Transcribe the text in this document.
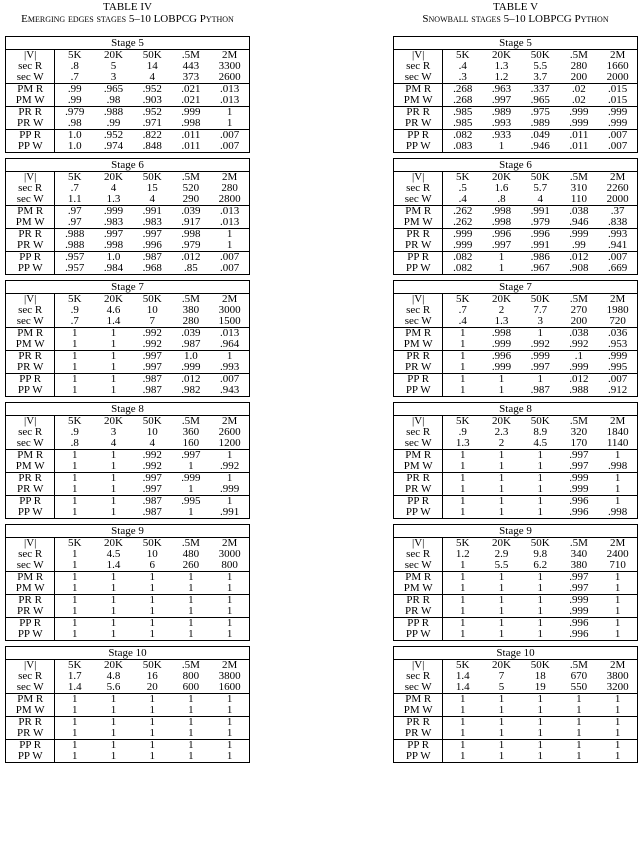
TABLE IV
Emerging edges stages 5–10 LOBPCG Python
Stage 5
|V|	5K	20K	50K	.5M	2M
sec R	.8	5	14	443	3300
sec W	.7	3	4	373	2600
PM R	.99	.965	.952	.021	.013
PM W	.99	.98	.903	.021	.013
PR R	.979	.988	.952	.999	1
PR W	.98	.99	.971	.998	1
PP R	1.0	.952	.822	.011	.007
PP W	1.0	.974	.848	.011	.007
Stage 6
|V|	5K	20K	50K	.5M	2M
sec R	.7	4	15	520	280
sec W	1.1	1.3	4	290	2800
PM R	.97	.999	.991	.039	.013
PM W	.97	.983	.983	.917	.013
PR R	.988	.997	.997	.998	1
PR W	.988	.998	.996	.979	1
PP R	.957	1.0	.987	.012	.007
PP W	.957	.984	.968	.85	.007
Stage 7
|V|	5K	20K	50K	.5M	2M
sec R	.9	4.6	10	380	3000
sec W	.7	1.4	7	280	1500
PM R	1	1	.992	.039	.013
PM W	1	1	.992	.987	.964
PR R	1	1	.997	1.0	1
PR W	1	1	.997	.999	.993
PP R	1	1	.987	.012	.007
PP W	1	1	.987	.982	.943
Stage 8
|V|	5K	20K	50K	.5M	2M
sec R	.9	3	10	360	2600
sec W	.8	4	4	160	1200
PM R	1	1	.992	.997	1
PM W	1	1	.992	1	.992
PR R	1	1	.997	.999	1
PR W	1	1	.997	1	.999
PP R	1	1	.987	.995	1
PP W	1	1	.987	1	.991
Stage 9
|V|	5K	20K	50K	.5M	2M
sec R	1	4.5	10	480	3000
sec W	1	1.4	6	260	800
PM R	1	1	1	1	1
PM W	1	1	1	1	1
PR R	1	1	1	1	1
PR W	1	1	1	1	1
PP R	1	1	1	1	1
PP W	1	1	1	1	1
Stage 10
|V|	5K	20K	50K	.5M	2M
sec R	1.7	4.8	16	800	3800
sec W	1.4	5.6	20	600	1600
PM R	1	1	1	1	1
PM W	1	1	1	1	1
PR R	1	1	1	1	1
PR W	1	1	1	1	1
PP R	1	1	1	1	1
PP W	1	1	1	1	1
TABLE V
Snowball stages 5–10 LOBPCG Python
Stage 5
|V|	5K	20K	50K	.5M	2M
sec R	.4	1.3	5.5	280	1660
sec W	.3	1.2	3.7	200	2000
PM R	.268	.963	.337	.02	.015
PM W	.268	.997	.965	.02	.015
PR R	.985	.989	.975	.999	.999
PR W	.985	.993	.989	.999	.999
PP R	.082	.933	.049	.011	.007
PP W	.083	1	.946	.011	.007
Stage 6
|V|	5K	20K	50K	.5M	2M
sec R	.5	1.6	5.7	310	2260
sec W	.4	.8	4	110	2000
PM R	.262	.998	.991	.038	.37
PM W	.262	.998	.979	.946	.838
PR R	.999	.996	.996	.999	.993
PR W	.999	.997	.991	.99	.941
PP R	.082	1	.986	.012	.007
PP W	.082	1	.967	.908	.669
Stage 7
|V|	5K	20K	50K	.5M	2M
sec R	.7	2	7.7	270	1980
sec W	.4	1.3	3	200	720
PM R	1	.998	1	.038	.036
PM W	1	.999	.992	.992	.953
PR R	1	.996	.999	.1	.999
PR W	1	.999	.997	.999	.995
PP R	1	1	1	.012	.007
PP W	1	1	.987	.988	.912
Stage 8
|V|	5K	20K	50K	.5M	2M
sec R	.9	2.3	8.9	320	1840
sec W	1.3	2	4.5	170	1140
PM R	1	1	1	.997	1
PM W	1	1	1	.997	.998
PR R	1	1	1	.999	1
PR W	1	1	1	.999	1
PP R	1	1	1	.996	1
PP W	1	1	1	.996	.998
Stage 9
|V|	5K	20K	50K	.5M	2M
sec R	1.2	2.9	9.8	340	2400
sec W	1	5.5	6.2	380	710
PM R	1	1	1	.997	1
PM W	1	1	1	.997	1
PR R	1	1	1	.999	1
PR W	1	1	1	.999	1
PP R	1	1	1	.996	1
PP W	1	1	1	.996	1
Stage 10
|V|	5K	20K	50K	.5M	2M
sec R	1.4	7	18	670	3800
sec W	1.4	5	19	550	3200
PM R	1	1	1	1	1
PM W	1	1	1	1	1
PR R	1	1	1	1	1
PR W	1	1	1	1	1
PP R	1	1	1	1	1
PP W	1	1	1	1	1
